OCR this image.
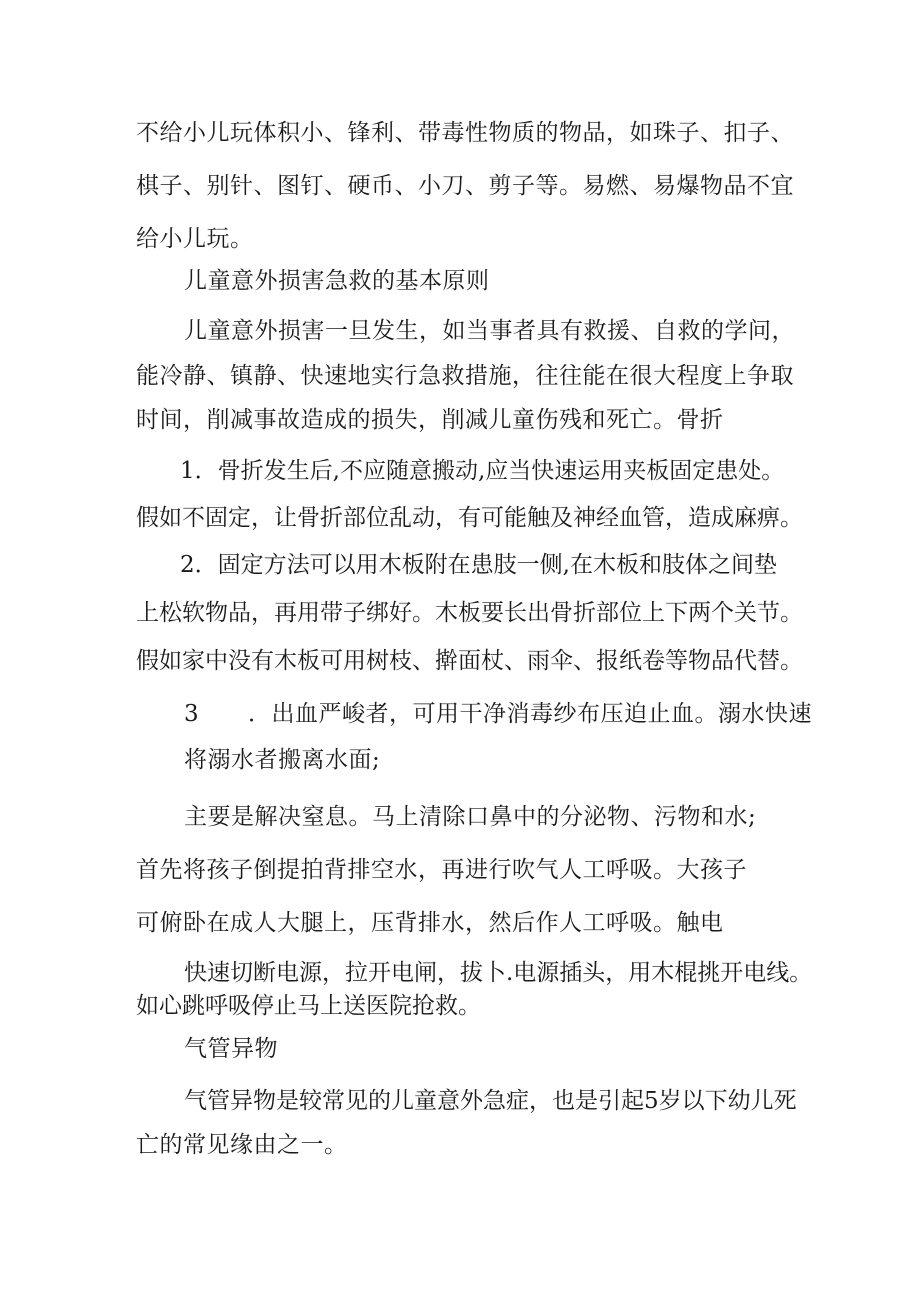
不给小儿玩体积小、锋利、带毒性物质的物品，如珠子、扣子、
棋子、别针、图钉、硬币、小刀、剪子等。易燃、易爆物品不宜
给小儿玩。
儿童意外损害急救的基本原则
儿童意外损害一旦发生，如当事者具有救援、自救的学问，
能冷静、镇静、快速地实行急救措施，往往能在很大程度上争取
时间，削减事故造成的损失，削减儿童伤残和死亡。骨折
1．骨折发生后,不应随意搬动,应当快速运用夹板固定患处。
假如不固定，让骨折部位乱动，有可能触及神经血管，造成麻痹。
2．固定方法可以用木板附在患肢一侧,在木板和肢体之间垫
上松软物品，再用带子绑好。木板要长出骨折部位上下两个关节。
假如家中没有木板可用树枝、擀面杖、雨伞、报纸卷等物品代替。
3 ．出血严峻者，可用干净消毒纱布压迫止血。溺水快速
将溺水者搬离水面;
主要是解决窒息。马上清除口鼻中的分泌物、污物和水;
首先将孩子倒提拍背排空水，再进行吹气人工呼吸。大孩子
可俯卧在成人大腿上，压背排水，然后作人工呼吸。触电
快速切断电源，拉开电闸，拔卜.电源插头，用木棍挑开电线。
如心跳呼吸停止马上送医院抢救。
气管异物
气管异物是较常见的儿童意外急症，也是引起5岁以下幼儿死
亡的常见缘由之一。
